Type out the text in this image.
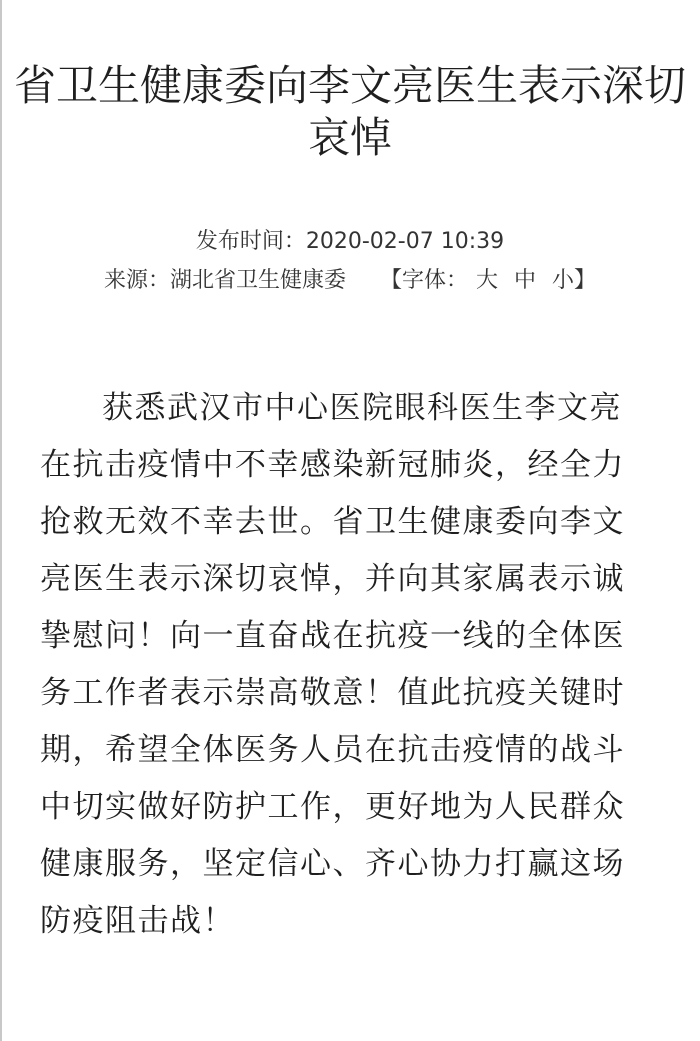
省卫生健康委向李文亮医生表示深切哀悼
发布时间：2020-02-07 10:39
来源：湖北省卫生健康委 【字体： 大 中 小】

获悉武汉市中心医院眼科医生李文亮在抗击疫情中不幸感染新冠肺炎，经全力抢救无效不幸去世。省卫生健康委向李文亮医生表示深切哀悼，并向其家属表示诚挚慰问！向一直奋战在抗疫一线的全体医务工作者表示崇高敬意！值此抗疫关键时期，希望全体医务人员在抗击疫情的战斗中切实做好防护工作，更好地为人民群众健康服务，坚定信心、齐心协力打赢这场防疫阻击战！
